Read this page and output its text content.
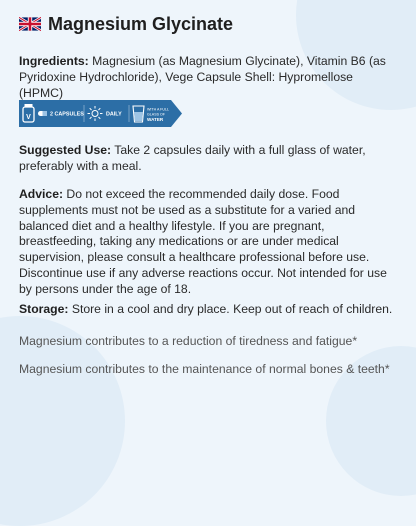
Magnesium Glycinate

Ingredients: Magnesium (as Magnesium Glycinate), Vitamin B6 (as Pyridoxine Hydrochloride), Vege Capsule Shell: Hypromellose (HPMC)

V	2 CAPSULES	DAILY
WITH A FULL
GLASS OF
WATER

Suggested Use: Take 2 capsules daily with a full glass of water, preferably with a meal.

Advice: Do not exceed the recommended daily dose. Food supplements must not be used as a substitute for a varied and balanced diet and a healthy lifestyle. If you are pregnant, breastfeeding, taking any medications or are under medical supervision, please consult a healthcare professional before use. Discontinue use if any adverse reactions occur. Not intended for use by persons under the age of 18.

Storage: Store in a cool and dry place. Keep out of reach of children.

Magnesium contributes to a reduction of tiredness and fatigue*

Magnesium contributes to the maintenance of normal bones & teeth*
